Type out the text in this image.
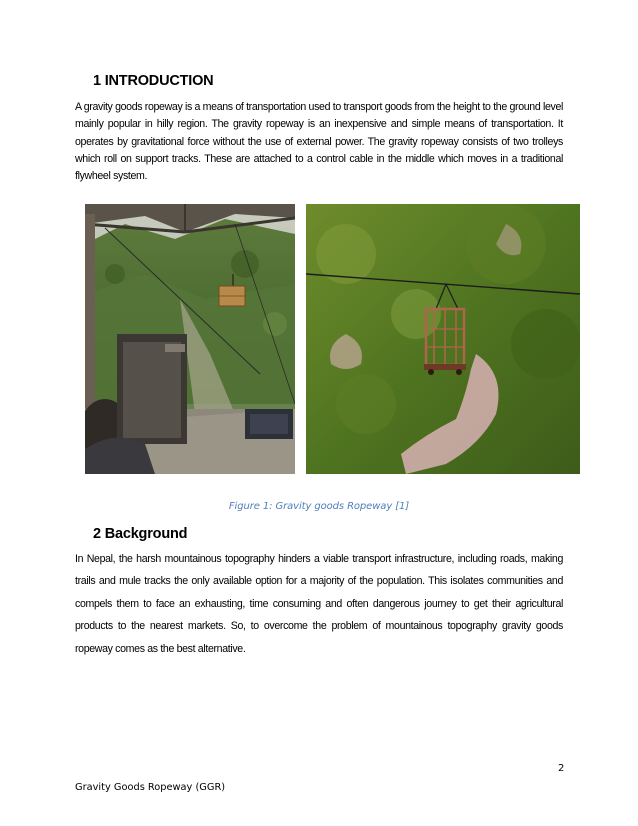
1 INTRODUCTION

A gravity goods ropeway is a means of transportation used to transport goods from the height to the ground level mainly popular in hilly region. The gravity ropeway is an inexpensive and simple means of transportation. It operates by gravitational force without the use of external power. The gravity ropeway consists of two trolleys which roll on support tracks. These are attached to a control cable in the middle which moves in a traditional flywheel system.

Figure 1: Gravity goods Ropeway [1]
2 Background

In Nepal, the harsh mountainous topography hinders a viable transport infrastructure, including roads, making trails and mule tracks the only available option for a majority of the population. This isolates communities and compels them to face an exhausting, time consuming and often dangerous journey to get their agricultural products to the nearest markets. So, to overcome the problem of mountainous topography gravity goods ropeway comes as the best alternative.

2
Gravity Goods Ropeway (GGR)
